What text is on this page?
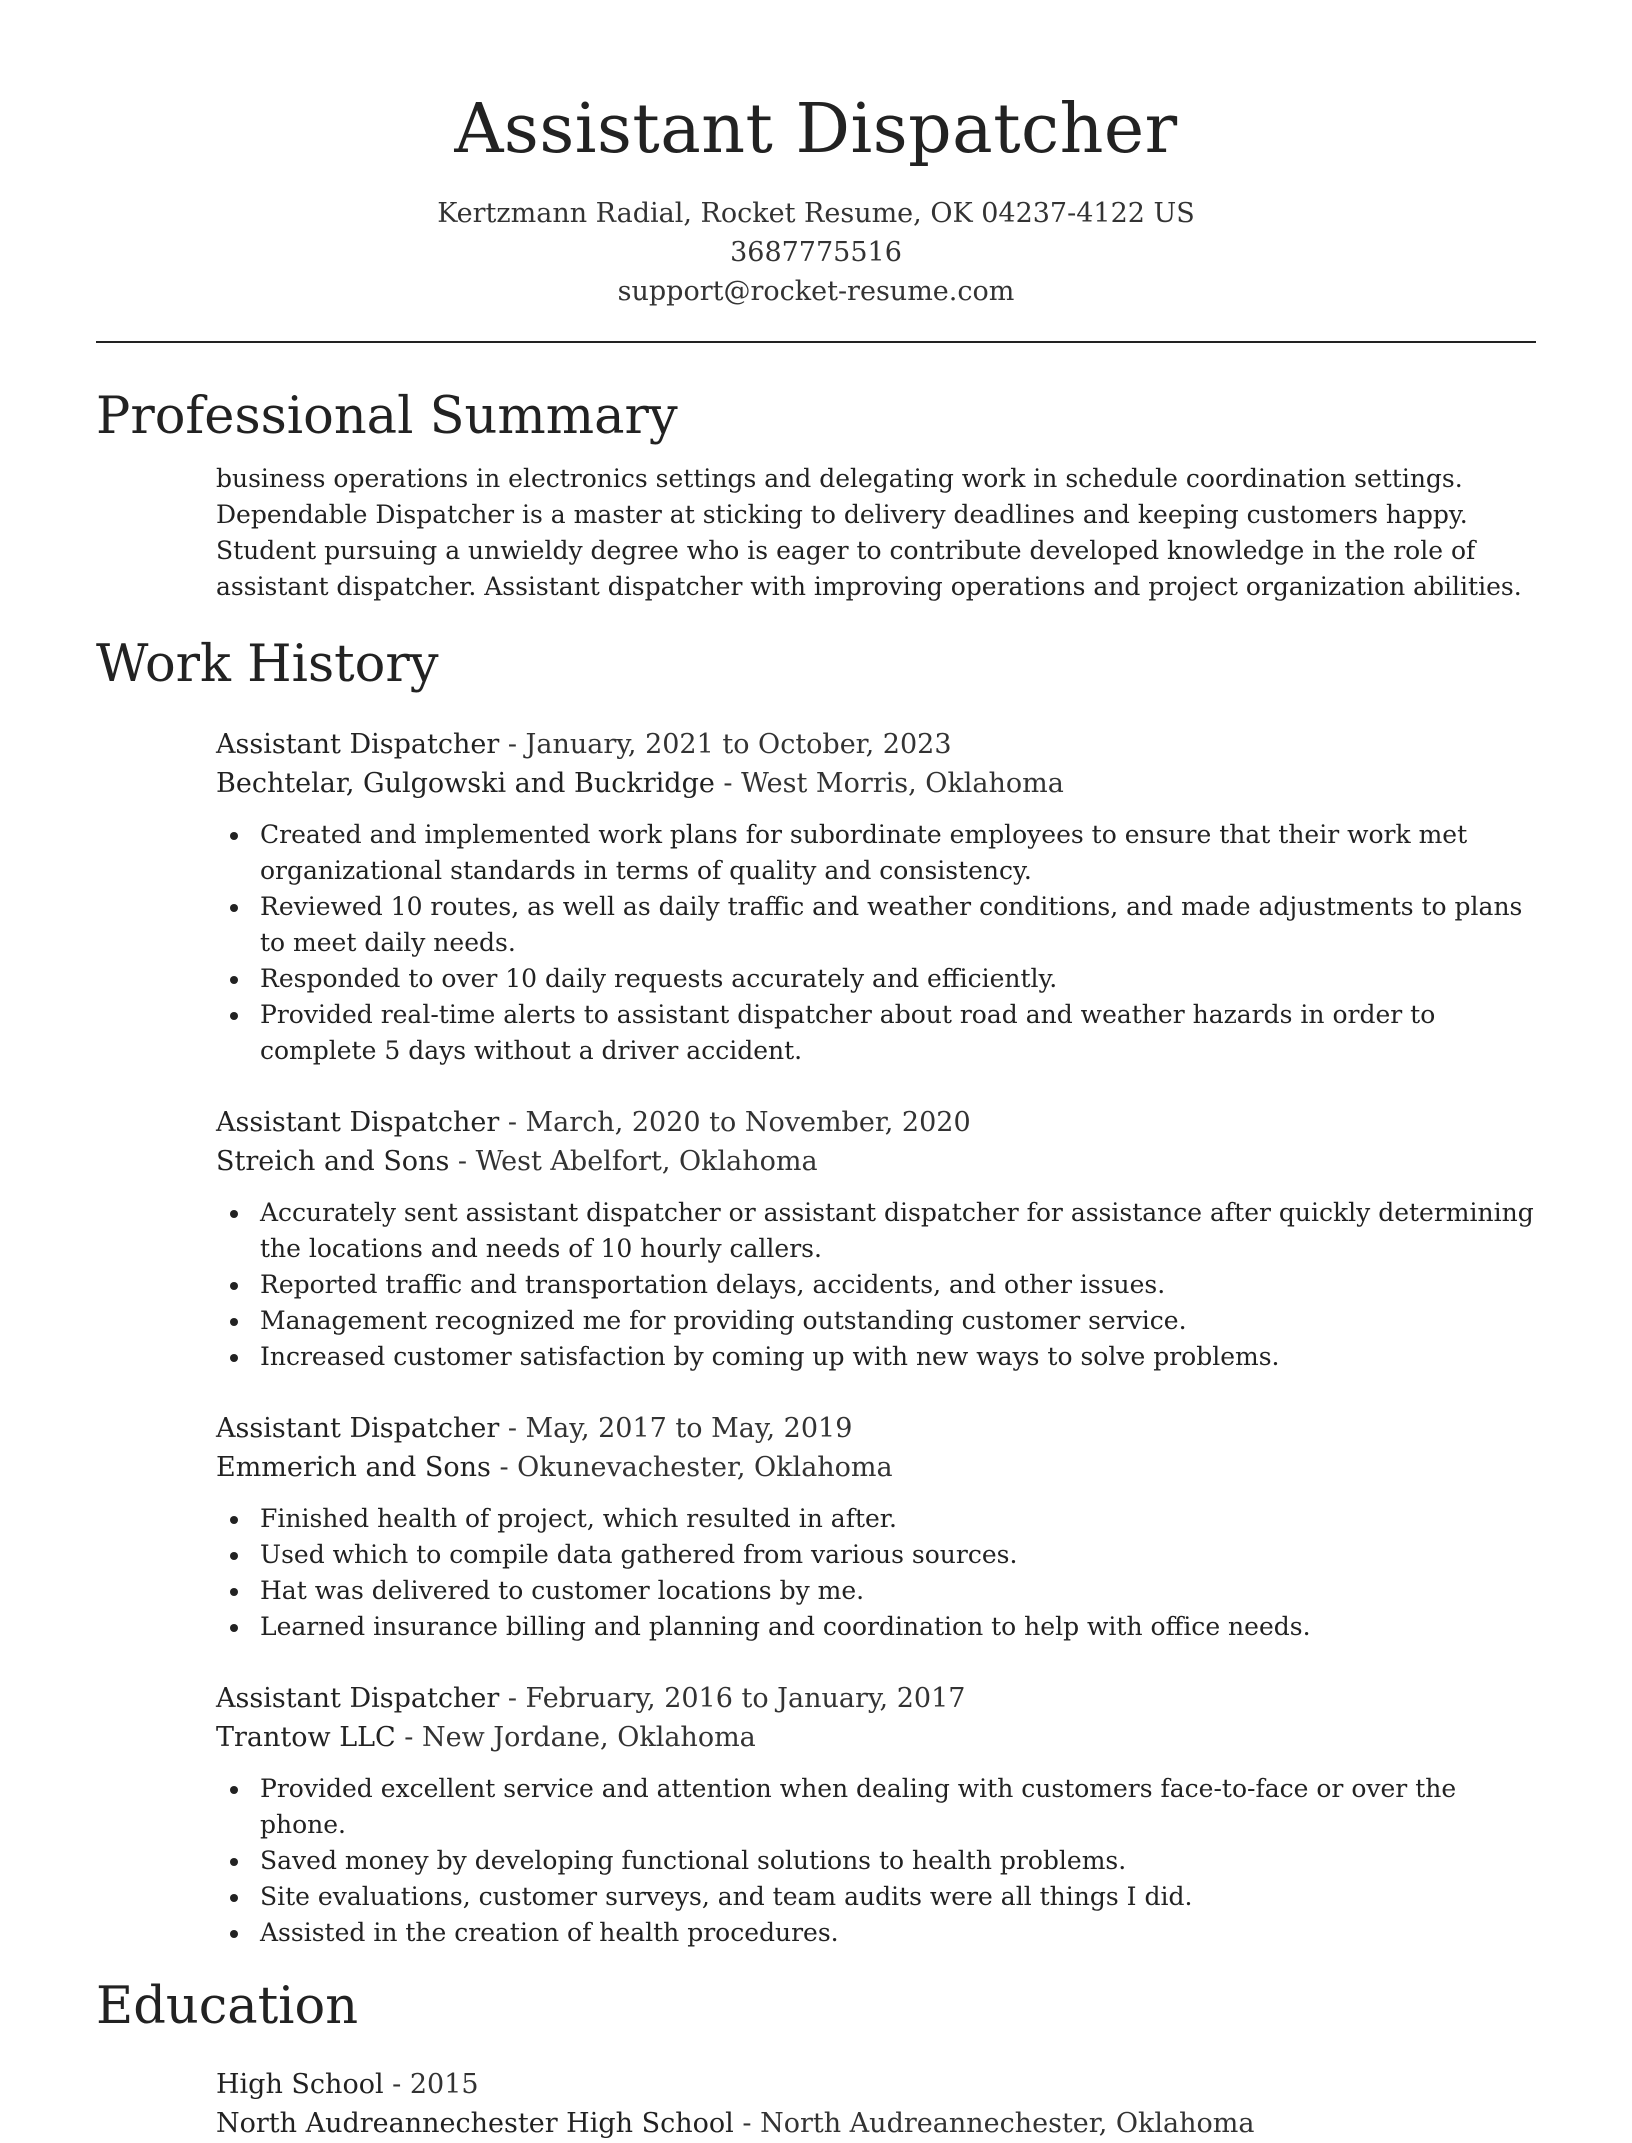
Assistant Dispatcher
Kertzmann Radial, Rocket Resume, OK 04237-4122 US
3687775516
support@rocket-resume.com
Professional Summary

business operations in electronics settings and delegating work in schedule coordination settings. Dependable Dispatcher is a master at sticking to delivery deadlines and keeping customers happy. Student pursuing a unwieldy degree who is eager to contribute developed knowledge in the role of assistant dispatcher. Assistant dispatcher with improving operations and project organization abilities.

Work History
Assistant Dispatcher - January, 2021 to October, 2023
Bechtelar, Gulgowski and Buckridge - West Morris, Oklahoma
Created and implemented work plans for subordinate employees to ensure that their work met organizational standards in terms of quality and consistency.
Reviewed 10 routes, as well as daily traffic and weather conditions, and made adjustments to plans to meet daily needs.
Responded to over 10 daily requests accurately and efficiently.
Provided real-time alerts to assistant dispatcher about road and weather hazards in order to complete 5 days without a driver accident.
Assistant Dispatcher - March, 2020 to November, 2020
Streich and Sons - West Abelfort, Oklahoma
Accurately sent assistant dispatcher or assistant dispatcher for assistance after quickly determining the locations and needs of 10 hourly callers.
Reported traffic and transportation delays, accidents, and other issues.
Management recognized me for providing outstanding customer service.
Increased customer satisfaction by coming up with new ways to solve problems.
Assistant Dispatcher - May, 2017 to May, 2019
Emmerich and Sons - Okunevachester, Oklahoma
Finished health of project, which resulted in after.
Used which to compile data gathered from various sources.
Hat was delivered to customer locations by me.
Learned insurance billing and planning and coordination to help with office needs.
Assistant Dispatcher - February, 2016 to January, 2017
Trantow LLC - New Jordane, Oklahoma
Provided excellent service and attention when dealing with customers face-to-face or over the phone.
Saved money by developing functional solutions to health problems.
Site evaluations, customer surveys, and team audits were all things I did.
Assisted in the creation of health procedures.
Education
High School - 2015
North Audreannechester High School - North Audreannechester, Oklahoma
